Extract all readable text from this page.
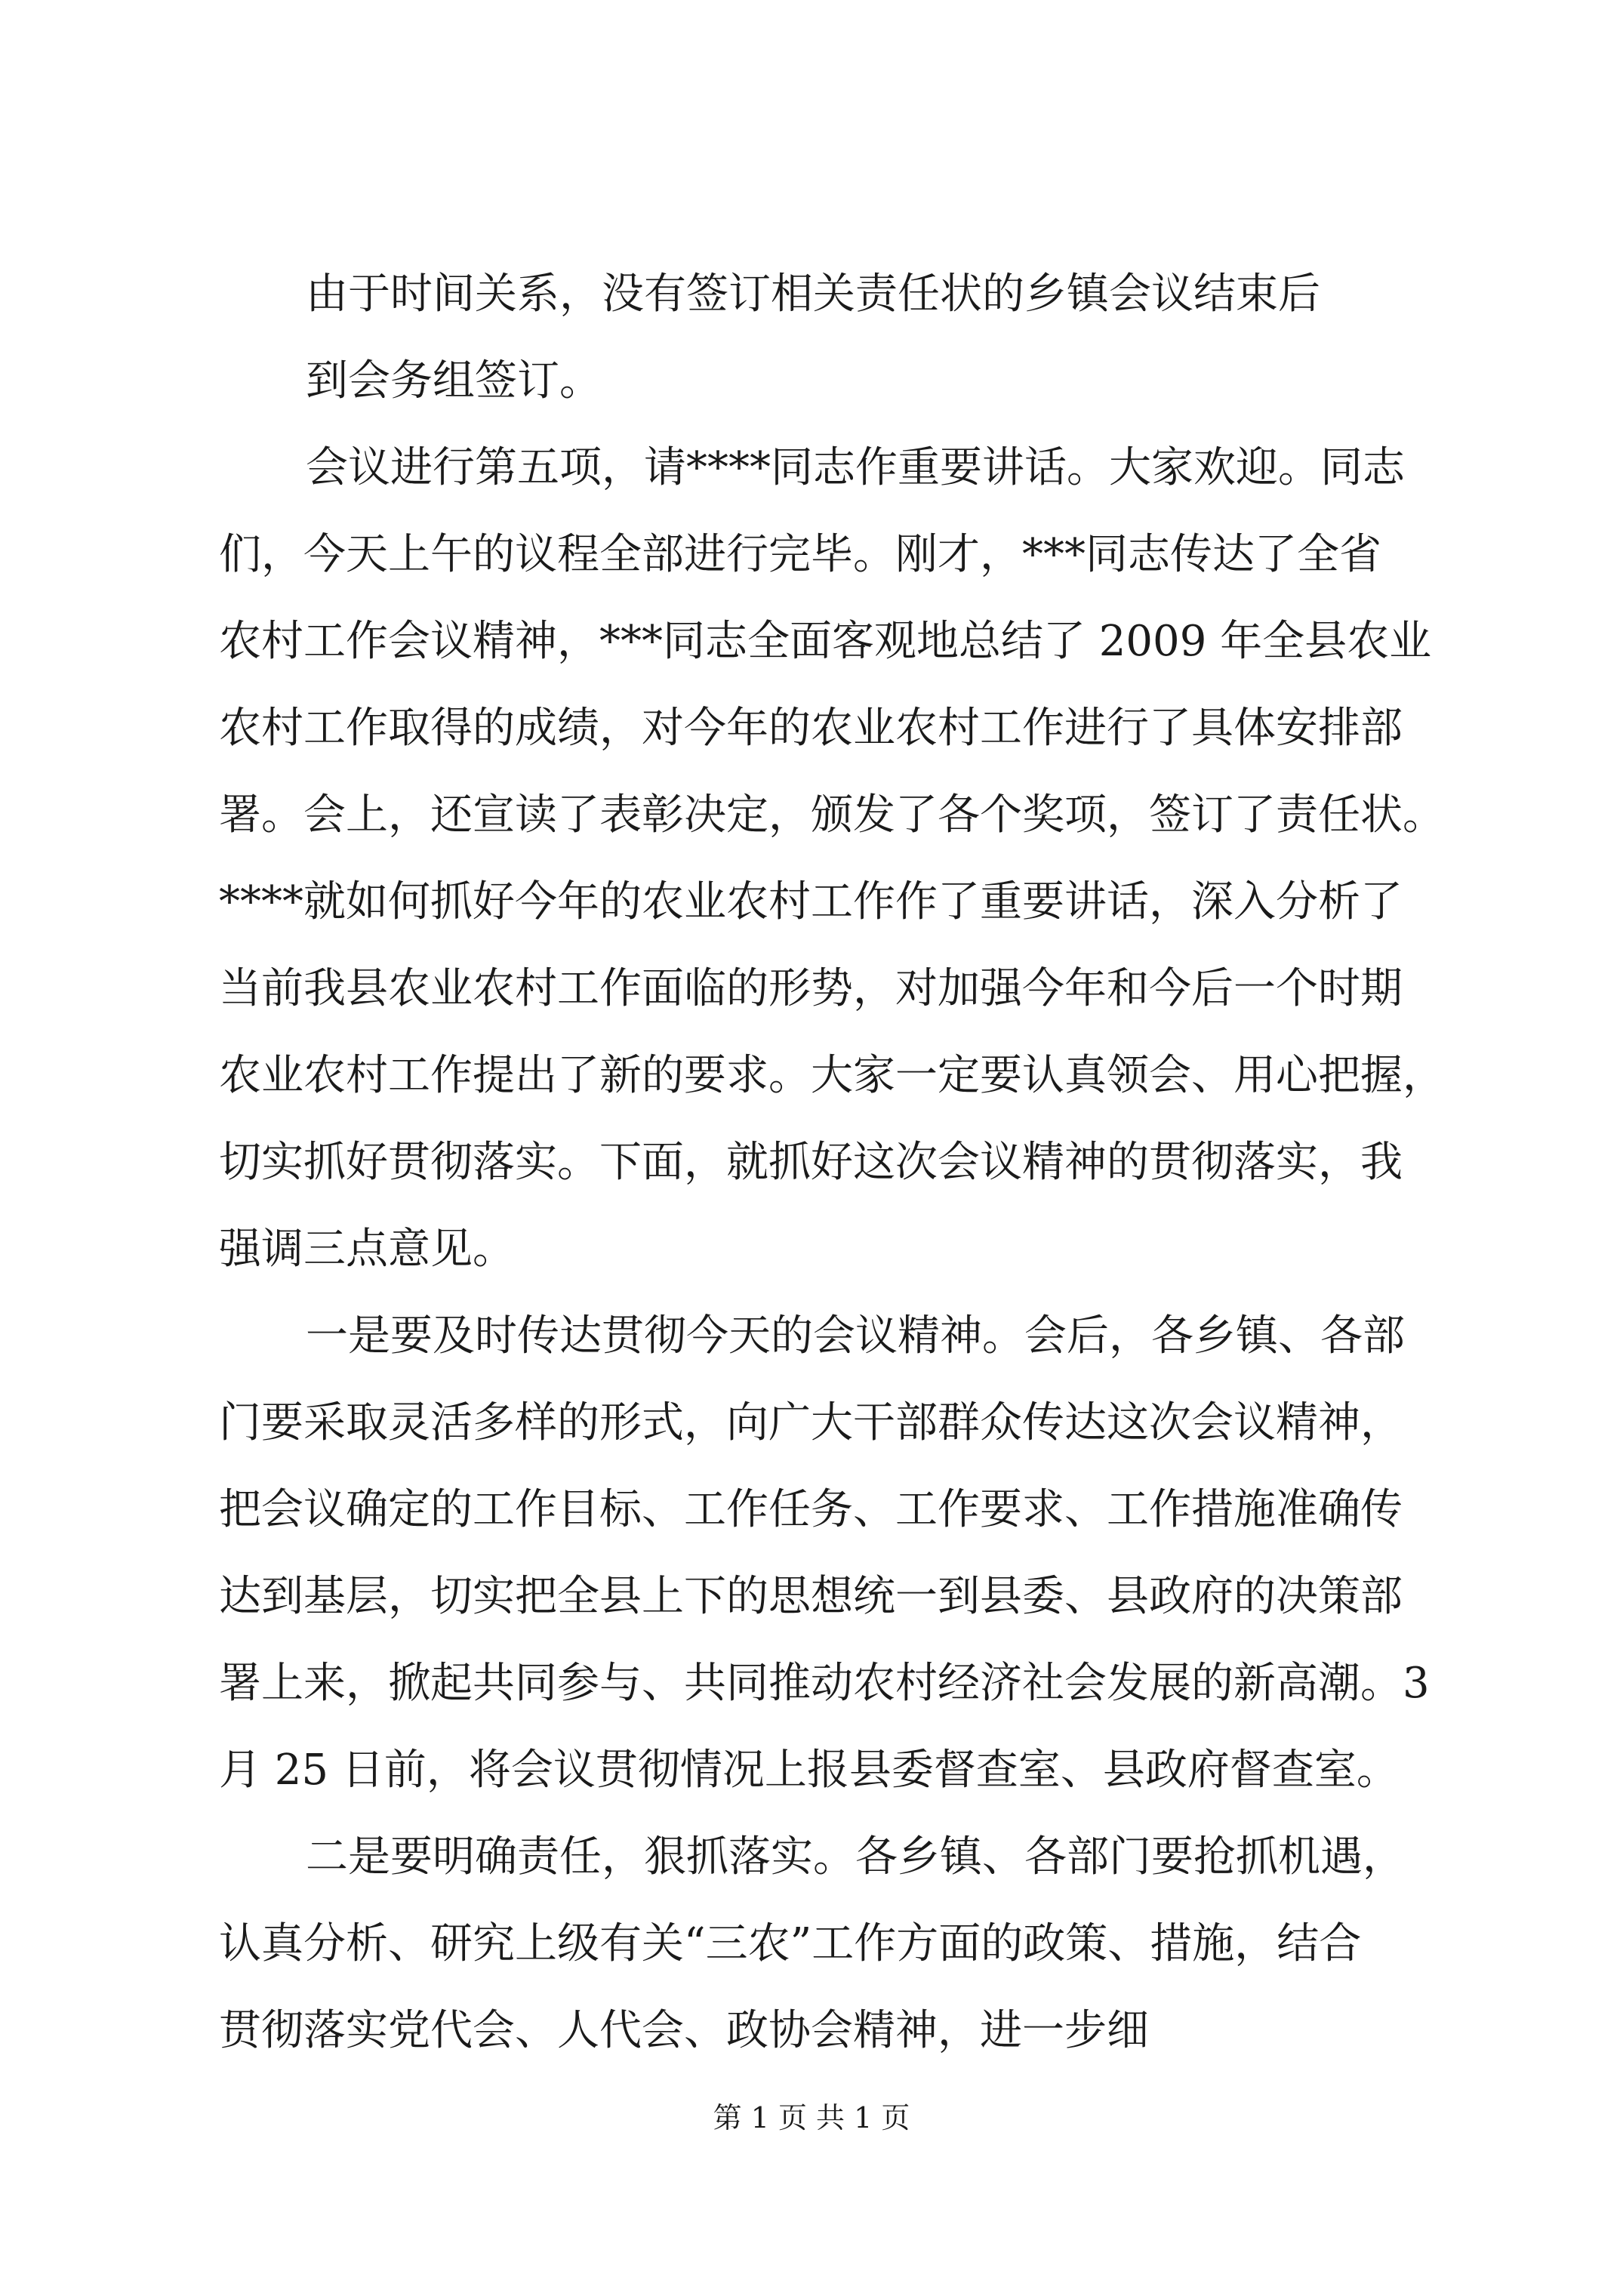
由于时间关系，没有签订相关责任状的乡镇会议结束后
到会务组签订。
会议进行第五项，请****同志作重要讲话。大家欢迎。同志
们，今天上午的议程全部进行完毕。刚才，***同志传达了全省
农村工作会议精神，***同志全面客观地总结了 2009 年全县农业
农村工作取得的成绩，对今年的农业农村工作进行了具体安排部
署。会上，还宣读了表彰决定，颁发了各个奖项，签订了责任状。
****就如何抓好今年的农业农村工作作了重要讲话，深入分析了
当前我县农业农村工作面临的形势，对加强今年和今后一个时期
农业农村工作提出了新的要求。大家一定要认真领会、用心把握，
切实抓好贯彻落实。下面，就抓好这次会议精神的贯彻落实，我
强调三点意见。
一是要及时传达贯彻今天的会议精神。会后，各乡镇、各部
门要采取灵活多样的形式，向广大干部群众传达这次会议精神，
把会议确定的工作目标、工作任务、工作要求、工作措施准确传
达到基层，切实把全县上下的思想统一到县委、县政府的决策部
署上来，掀起共同参与、共同推动农村经济社会发展的新高潮。3
月 25 日前，将会议贯彻情况上报县委督查室、县政府督查室。
二是要明确责任，狠抓落实。各乡镇、各部门要抢抓机遇，
认真分析、研究上级有关“三农”工作方面的政策、措施，结合
贯彻落实党代会、人代会、政协会精神，进一步细
第 1 页 共 1 页
